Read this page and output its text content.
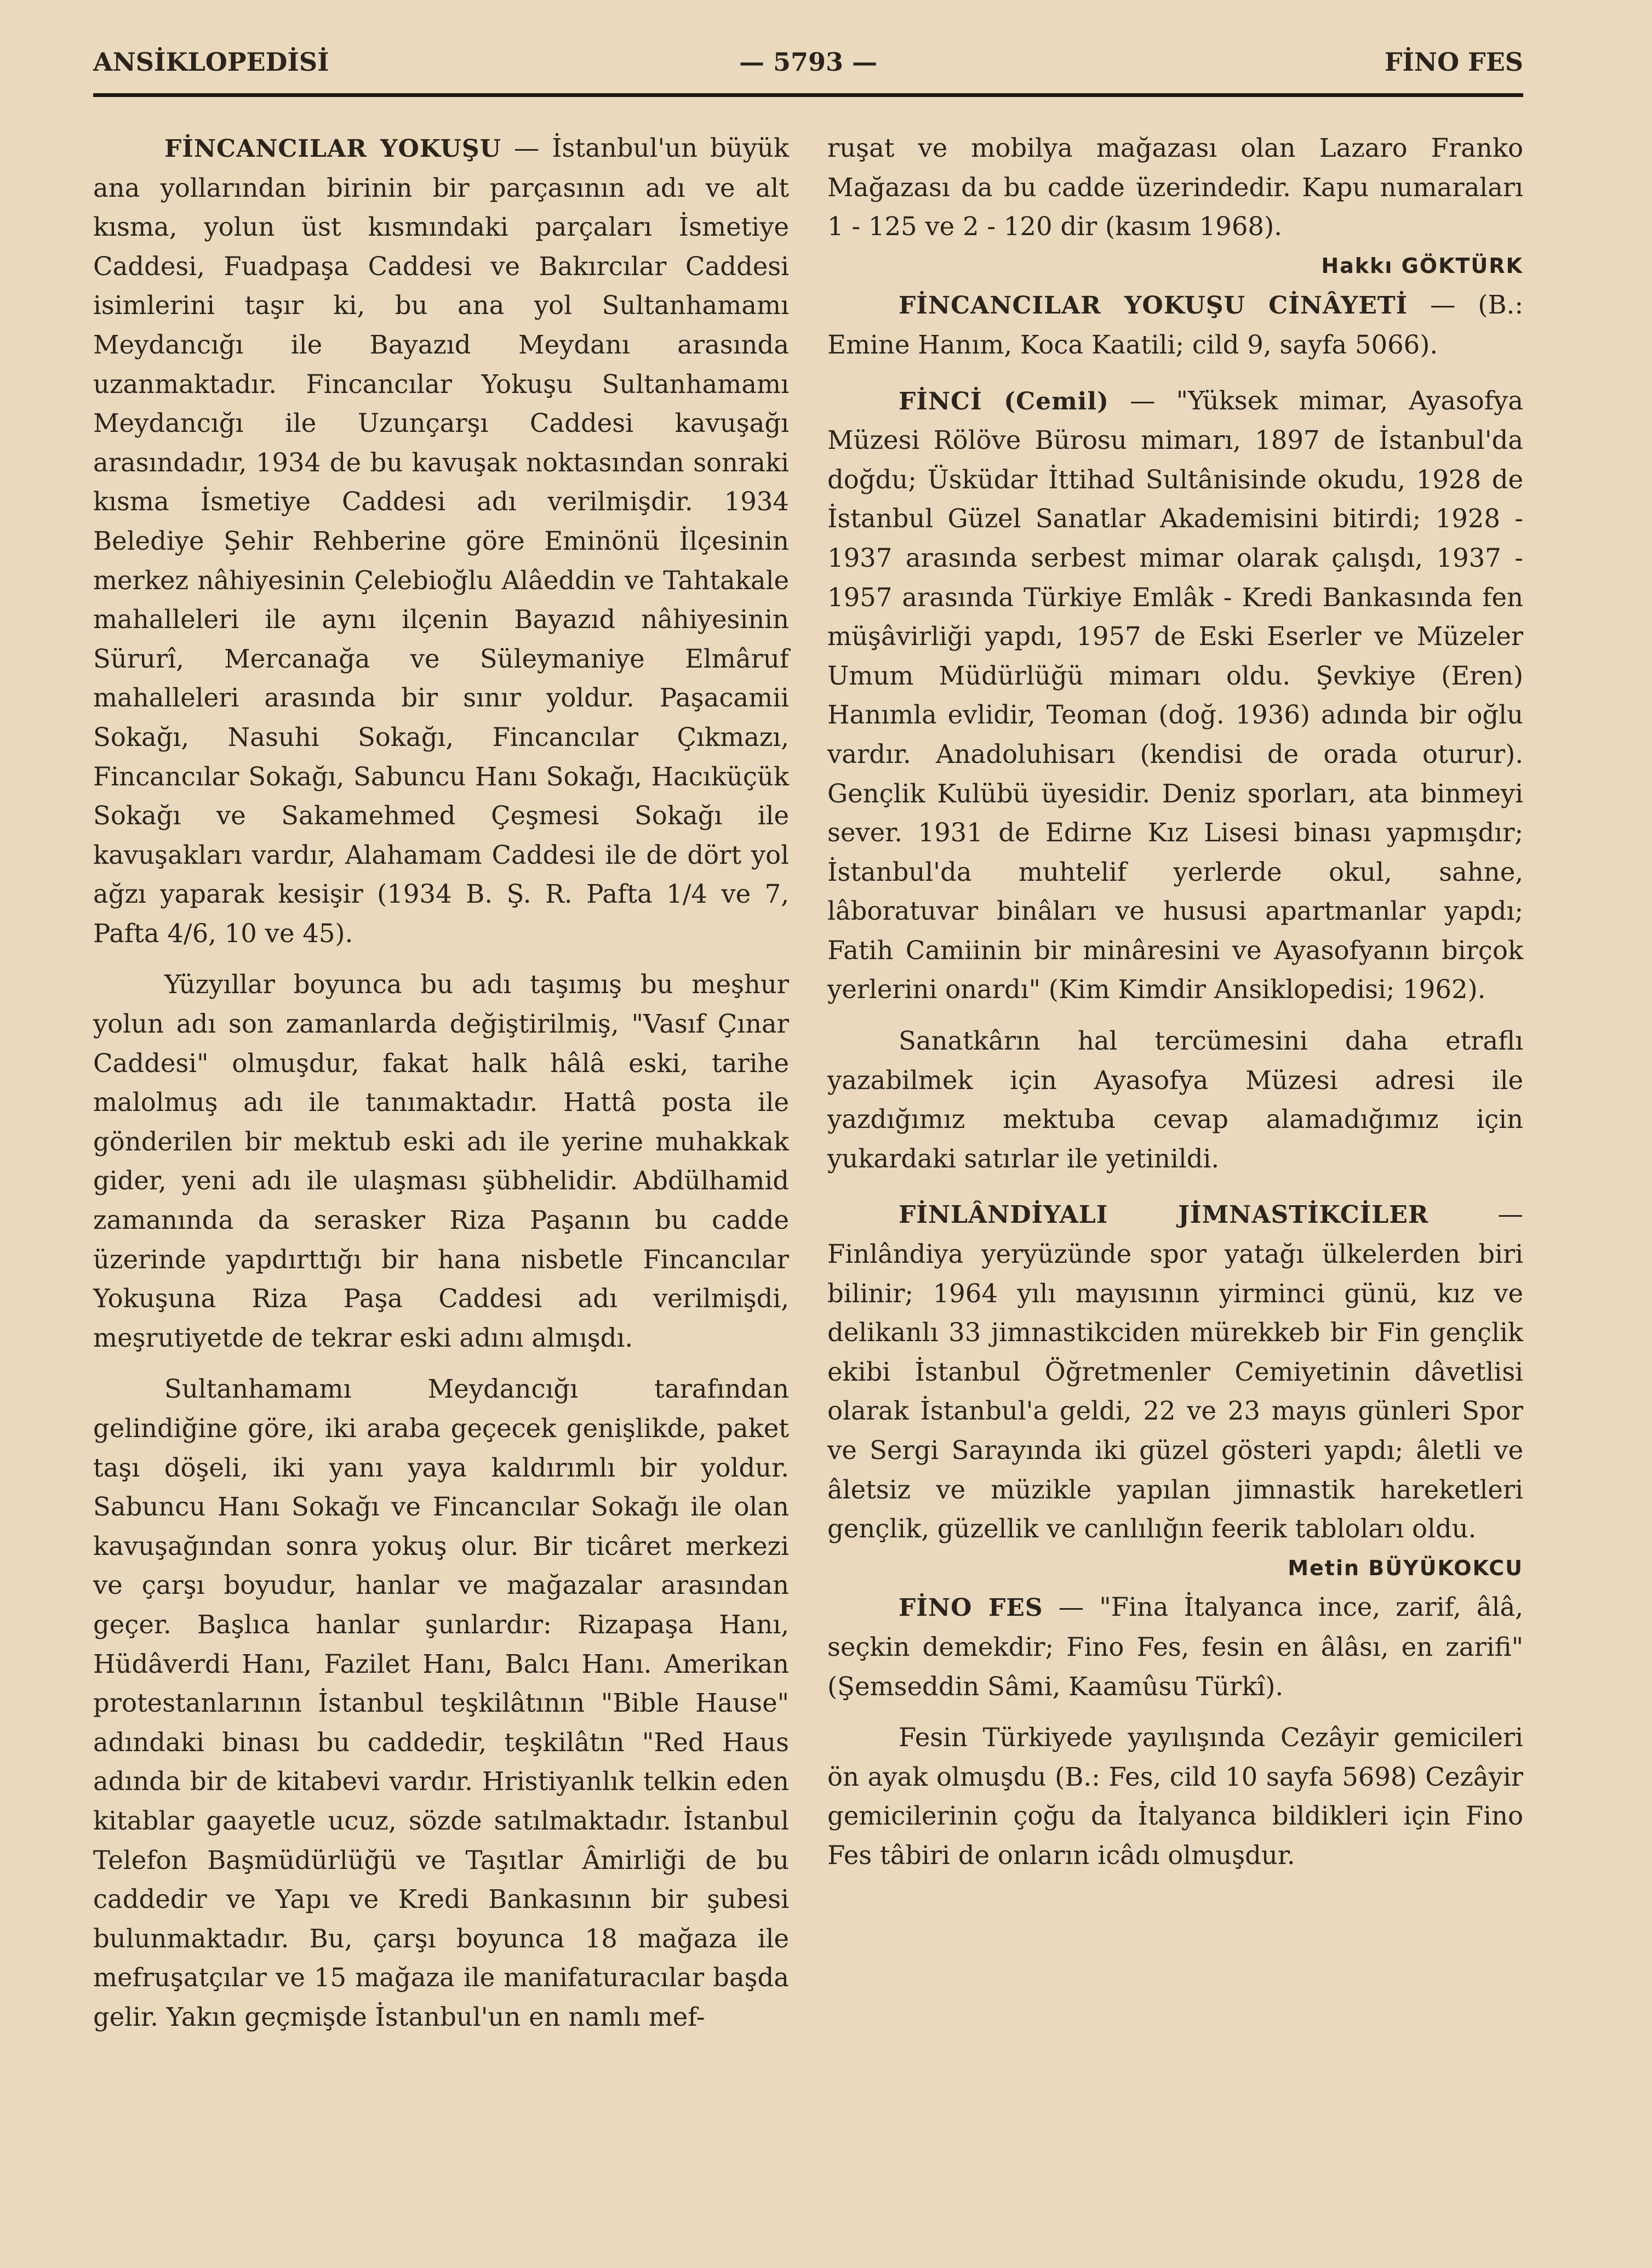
ANSİKLOPEDİSİ	— 5793 —	FİNO FES

FİNCANCILAR YOKUŞU — İstanbul'un büyük ana yollarından birinin bir parçasının adı ve alt kısma, yolun üst kısmındaki parçaları İsmetiye Caddesi, Fuadpaşa Caddesi ve Bakırcılar Caddesi isimlerini taşır ki, bu ana yol Sultanhamamı Meydancığı ile Bayazıd Meydanı arasında uzanmaktadır. Fincancılar Yokuşu Sultanhamamı Meydancığı ile Uzunçarşı Caddesi kavuşağı arasındadır, 1934 de bu kavuşak noktasından sonraki kısma İsmetiye Caddesi adı verilmişdir. 1934 Belediye Şehir Rehberine göre Eminönü İlçesinin merkez nâhiyesinin Çelebioğlu Alâeddin ve Tahtakale mahalleleri ile aynı ilçenin Bayazıd nâhiyesinin Sürurî, Mercanağa ve Süleymaniye Elmâruf mahalleleri arasında bir sınır yoldur. Paşacamii Sokağı, Nasuhi Sokağı, Fincancılar Çıkmazı, Fincancılar Sokağı, Sabuncu Hanı Sokağı, Hacıküçük Sokağı ve Sakamehmed Çeşmesi Sokağı ile kavuşakları vardır, Alahamam Caddesi ile de dört yol ağzı yaparak kesişir (1934 B. Ş. R. Pafta 1/4 ve 7, Pafta 4/6, 10 ve 45).

Yüzyıllar boyunca bu adı taşımış bu meşhur yolun adı son zamanlarda değiştirilmiş, "Vasıf Çınar Caddesi" olmuşdur, fakat halk hâlâ eski, tarihe malolmuş adı ile tanımaktadır. Hattâ posta ile gönderilen bir mektub eski adı ile yerine muhakkak gider, yeni adı ile ulaşması şübhelidir. Abdülhamid zamanında da serasker Riza Paşanın bu cadde üzerinde yapdırttığı bir hana nisbetle Fincancılar Yokuşuna Riza Paşa Caddesi adı verilmişdi, meşrutiyetde de tekrar eski adını almışdı.

Sultanhamamı Meydancığı tarafından gelindiğine göre, iki araba geçecek genişlikde, paket taşı döşeli, iki yanı yaya kaldırımlı bir yoldur. Sabuncu Hanı Sokağı ve Fincancılar Sokağı ile olan kavuşağından sonra yokuş olur. Bir ticâret merkezi ve çarşı boyudur, hanlar ve mağazalar arasından geçer. Başlıca hanlar şunlardır: Rizapaşa Hanı, Hüdâverdi Hanı, Fazilet Hanı, Balcı Hanı. Amerikan protestanlarının İstanbul teşkilâtının "Bible Hause" adındaki binası bu caddedir, teşkilâtın "Red Haus adında bir de kitabevi vardır. Hristiyanlık telkin eden kitablar gaayetle ucuz, sözde satılmaktadır. İstanbul Telefon Başmüdürlüğü ve Taşıtlar Âmirliği de bu caddedir ve Yapı ve Kredi Bankasının bir şubesi bulunmaktadır. Bu, çarşı boyunca 18 mağaza ile mefruşatçılar ve 15 mağaza ile manifaturacılar başda gelir. Yakın geçmişde İstanbul'un en namlı mef-

ruşat ve mobilya mağazası olan Lazaro Franko Mağazası da bu cadde üzerindedir. Kapu numaraları 1 - 125 ve 2 - 120 dir (kasım 1968).

Hakkı GÖKTÜRK

FİNCANCILAR YOKUŞU CİNÂYETİ — (B.: Emine Hanım, Koca Kaatili; cild 9, sayfa 5066).

FİNCİ (Cemil) — "Yüksek mimar, Ayasofya Müzesi Rölöve Bürosu mimarı, 1897 de İstanbul'da doğdu; Üsküdar İttihad Sultânisinde okudu, 1928 de İstanbul Güzel Sanatlar Akademisini bitirdi; 1928 - 1937 arasında serbest mimar olarak çalışdı, 1937 - 1957 arasında Türkiye Emlâk - Kredi Bankasında fen müşâvirliği yapdı, 1957 de Eski Eserler ve Müzeler Umum Müdürlüğü mimarı oldu. Şevkiye (Eren) Hanımla evlidir, Teoman (doğ. 1936) adında bir oğlu vardır. Anadoluhisarı (kendisi de orada oturur). Gençlik Kulübü üyesidir. Deniz sporları, ata binmeyi sever. 1931 de Edirne Kız Lisesi binası yapmışdır; İstanbul'da muhtelif yerlerde okul, sahne, lâboratuvar binâları ve hususi apartmanlar yapdı; Fatih Camiinin bir minâresini ve Ayasofyanın birçok yerlerini onardı" (Kim Kimdir Ansiklopedisi; 1962).

Sanatkârın hal tercümesini daha etraflı yazabilmek için Ayasofya Müzesi adresi ile yazdığımız mektuba cevap alamadığımız için yukardaki satırlar ile yetinildi.

FİNLÂNDİYALI JİMNASTİKCİLER	— Finlândiya yeryüzünde spor yatağı ülkelerden biri bilinir; 1964 yılı mayısının yirminci günü, kız ve delikanlı 33 jimnastikciden mürekkeb bir Fin gençlik ekibi İstanbul Öğretmenler Cemiyetinin dâvetlisi olarak İstanbul'a geldi, 22 ve 23 mayıs günleri Spor ve Sergi Sarayında iki güzel gösteri yapdı; âletli ve âletsiz ve müzikle yapılan jimnastik hareketleri gençlik, güzellik ve canlılığın feerik tabloları oldu.

Metin BÜYÜKOKCU

FİNO FES — "Fina İtalyanca ince, zarif, âlâ, seçkin demekdir; Fino Fes, fesin en âlâsı, en zarifi" (Şemseddin Sâmi, Kaamûsu Türkî).

Fesin Türkiyede yayılışında Cezâyir gemicileri ön ayak olmuşdu (B.: Fes, cild 10 sayfa 5698) Cezâyir gemicilerinin çoğu da İtalyanca bildikleri için Fino Fes tâbiri de onların icâdı olmuşdur.
